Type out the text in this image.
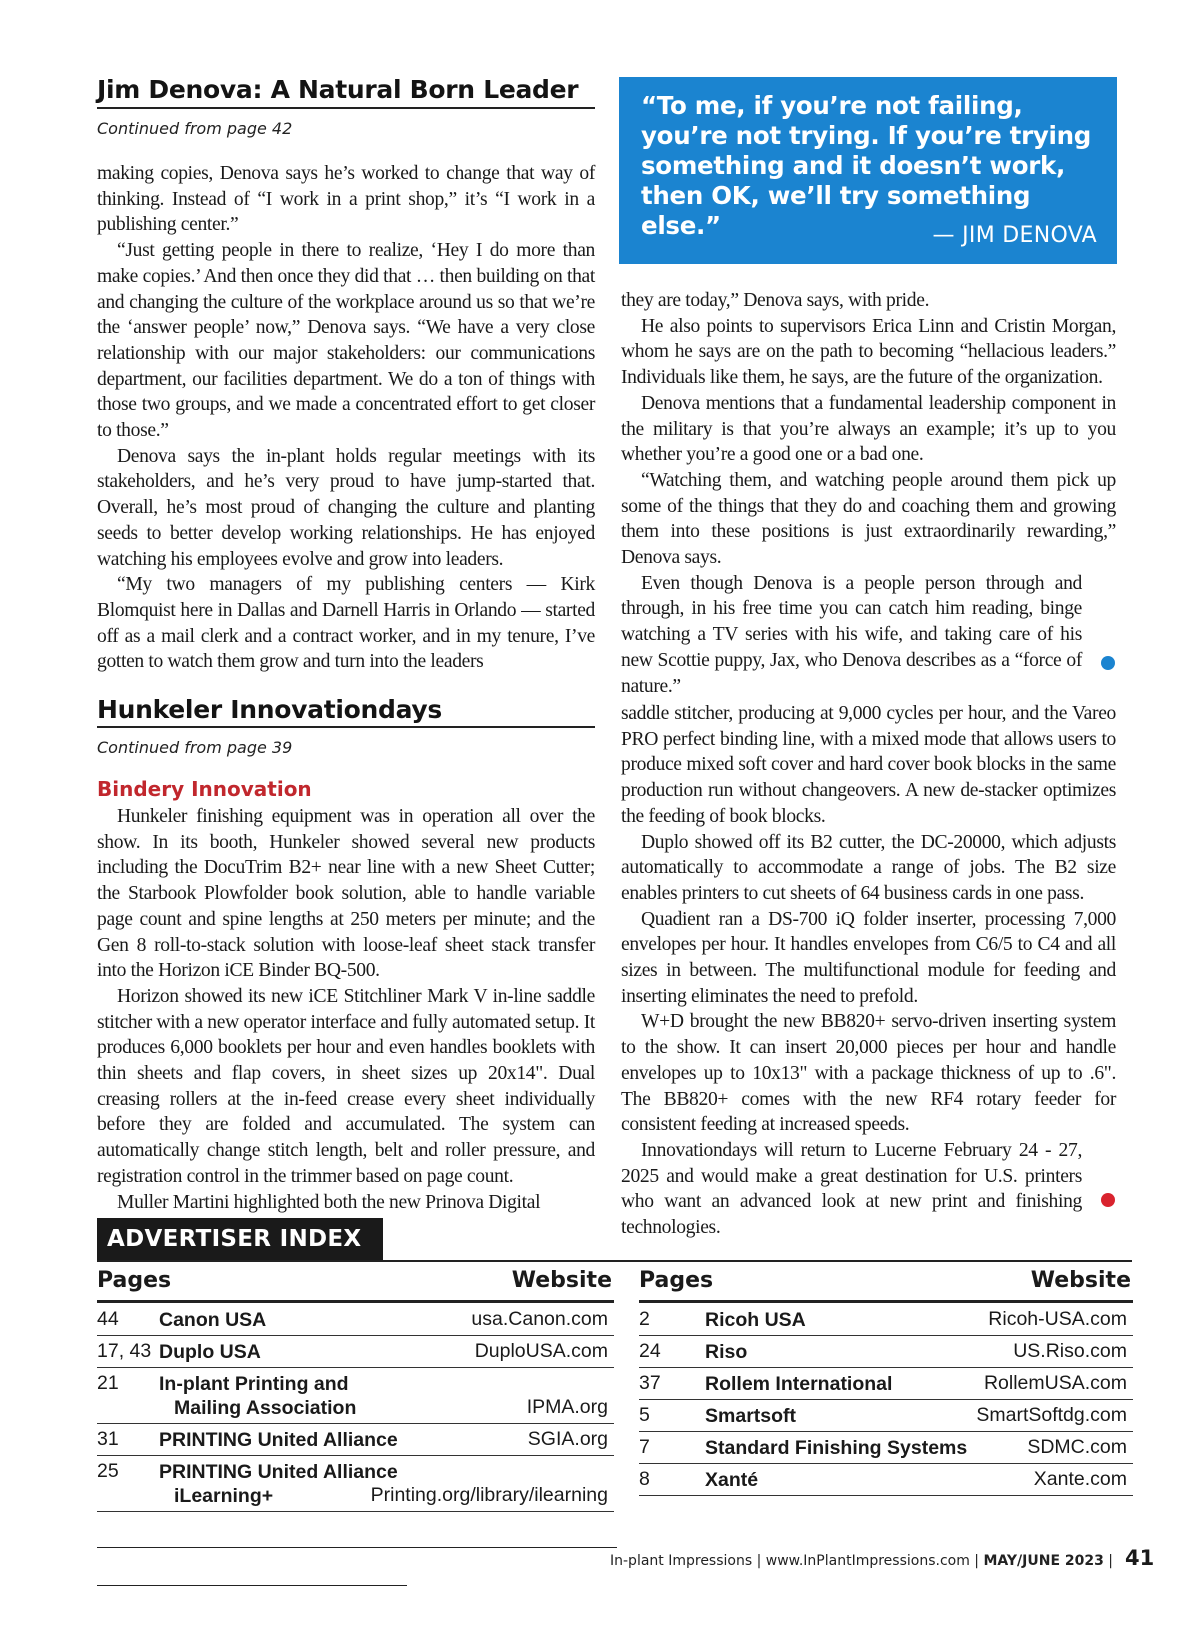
Jim Denova: A Natural Born Leader
Continued from page 42

making copies, Denova says he’s worked to change that way of thinking. Instead of “I work in a print shop,” it’s “I work in a publishing center.”

“Just getting people in there to realize, ‘Hey I do more than make copies.’ And then once they did that … then building on that and changing the culture of the workplace around us so that we’re the ‘answer people’ now,” Denova says. “We have a very close relationship with our major stakeholders: our communications department, our facilities department. We do a ton of things with those two groups, and we made a concentrated effort to get closer to those.”

Denova says the in-plant holds regular meetings with its stakeholders, and he’s very proud to have jump-started that. Overall, he’s most proud of changing the culture and planting seeds to better develop working relationships. He has enjoyed watching his employees evolve and grow into leaders.

“My two managers of my publishing centers — Kirk Blomquist here in Dallas and Darnell Harris in Orlando — started off as a mail clerk and a contract worker, and in my tenure, I’ve gotten to watch them grow and turn into the leaders

“To me, if you’re not failing, you’re not trying. If you’re trying something and it doesn’t work, then OK, we’ll try something else.”	— JIM DENOVA

they are today,” Denova says, with pride.

He also points to supervisors Erica Linn and Cristin Morgan, whom he says are on the path to becoming “hellacious leaders.” Individuals like them, he says, are the future of the organization.

Denova mentions that a fundamental leadership component in the military is that you’re always an example; it’s up to you whether you’re a good one or a bad one.

“Watching them, and watching people around them pick up some of the things that they do and coaching them and growing them into these positions is just extraordinarily rewarding,” Denova says.

Even though Denova is a people person through and through, in his free time you can catch him reading, binge watching a TV series with his wife, and taking care of his new Scottie puppy, Jax, who Denova describes as a “force of nature.”

Hunkeler Innovationdays
Continued from page 39
Bindery Innovation

Hunkeler finishing equipment was in operation all over the show. In its booth, Hunkeler showed several new products including the DocuTrim B2+ near line with a new Sheet Cutter; the Starbook Plowfolder book solution, able to handle variable page count and spine lengths at 250 meters per minute; and the Gen 8 roll-to-stack solution with loose-leaf sheet stack transfer into the Horizon iCE Binder BQ-500.

Horizon showed its new iCE Stitchliner Mark V in-line saddle stitcher with a new operator interface and fully automated setup. It produces 6,000 booklets per hour and even handles booklets with thin sheets and flap covers, in sheet sizes up 20x14". Dual creasing rollers at the in-feed crease every sheet individually before they are folded and accumulated. The system can automatically change stitch length, belt and roller pressure, and registration control in the trimmer based on page count.

Muller Martini highlighted both the new Prinova Digital

saddle stitcher, producing at 9,000 cycles per hour, and the Vareo PRO perfect binding line, with a mixed mode that allows users to produce mixed soft cover and hard cover book blocks in the same production run without changeovers. A new de-stacker optimizes the feeding of book blocks.

Duplo showed off its B2 cutter, the DC-20000, which adjusts automatically to accommodate a range of jobs. The B2 size enables printers to cut sheets of 64 business cards in one pass.

Quadient ran a DS-700 iQ folder inserter, processing 7,000 envelopes per hour. It handles envelopes from C6/5 to C4 and all sizes in between. The multifunctional module for feeding and inserting eliminates the need to prefold.

W+D brought the new BB820+ servo-driven inserting system to the show. It can insert 20,000 pieces per hour and handle envelopes up to 10x13" with a package thickness of up to .6". The BB820+ comes with the new RF4 rotary feeder for consistent feeding at increased speeds.

Innovationdays will return to Lucerne February 24 - 27, 2025 and would make a great destination for U.S. printers who want an advanced look at new print and finishing technologies.

ADVERTISER INDEX
Pages	Website
44 Canon USA	usa.Canon.com
17, 43 Duplo USA	DuploUSA.com
21 In-plant Printing and
Mailing Association	IPMA.org
31 PRINTING United Alliance	SGIA.org
25 PRINTING United Alliance
iLearning+	Printing.org/library/ilearning
Pages	Website
2	Ricoh USA	Ricoh-USA.com
24 Riso	US.Riso.com
37 Rollem International	RollemUSA.com
5	Smartsoft	SmartSoftdg.com
7	Standard Finishing Systems	SDMC.com
8	Xanté	Xante.com
In-plant Impressions | www.InPlantImpressions.com | MAY/JUNE 2023 | 41
